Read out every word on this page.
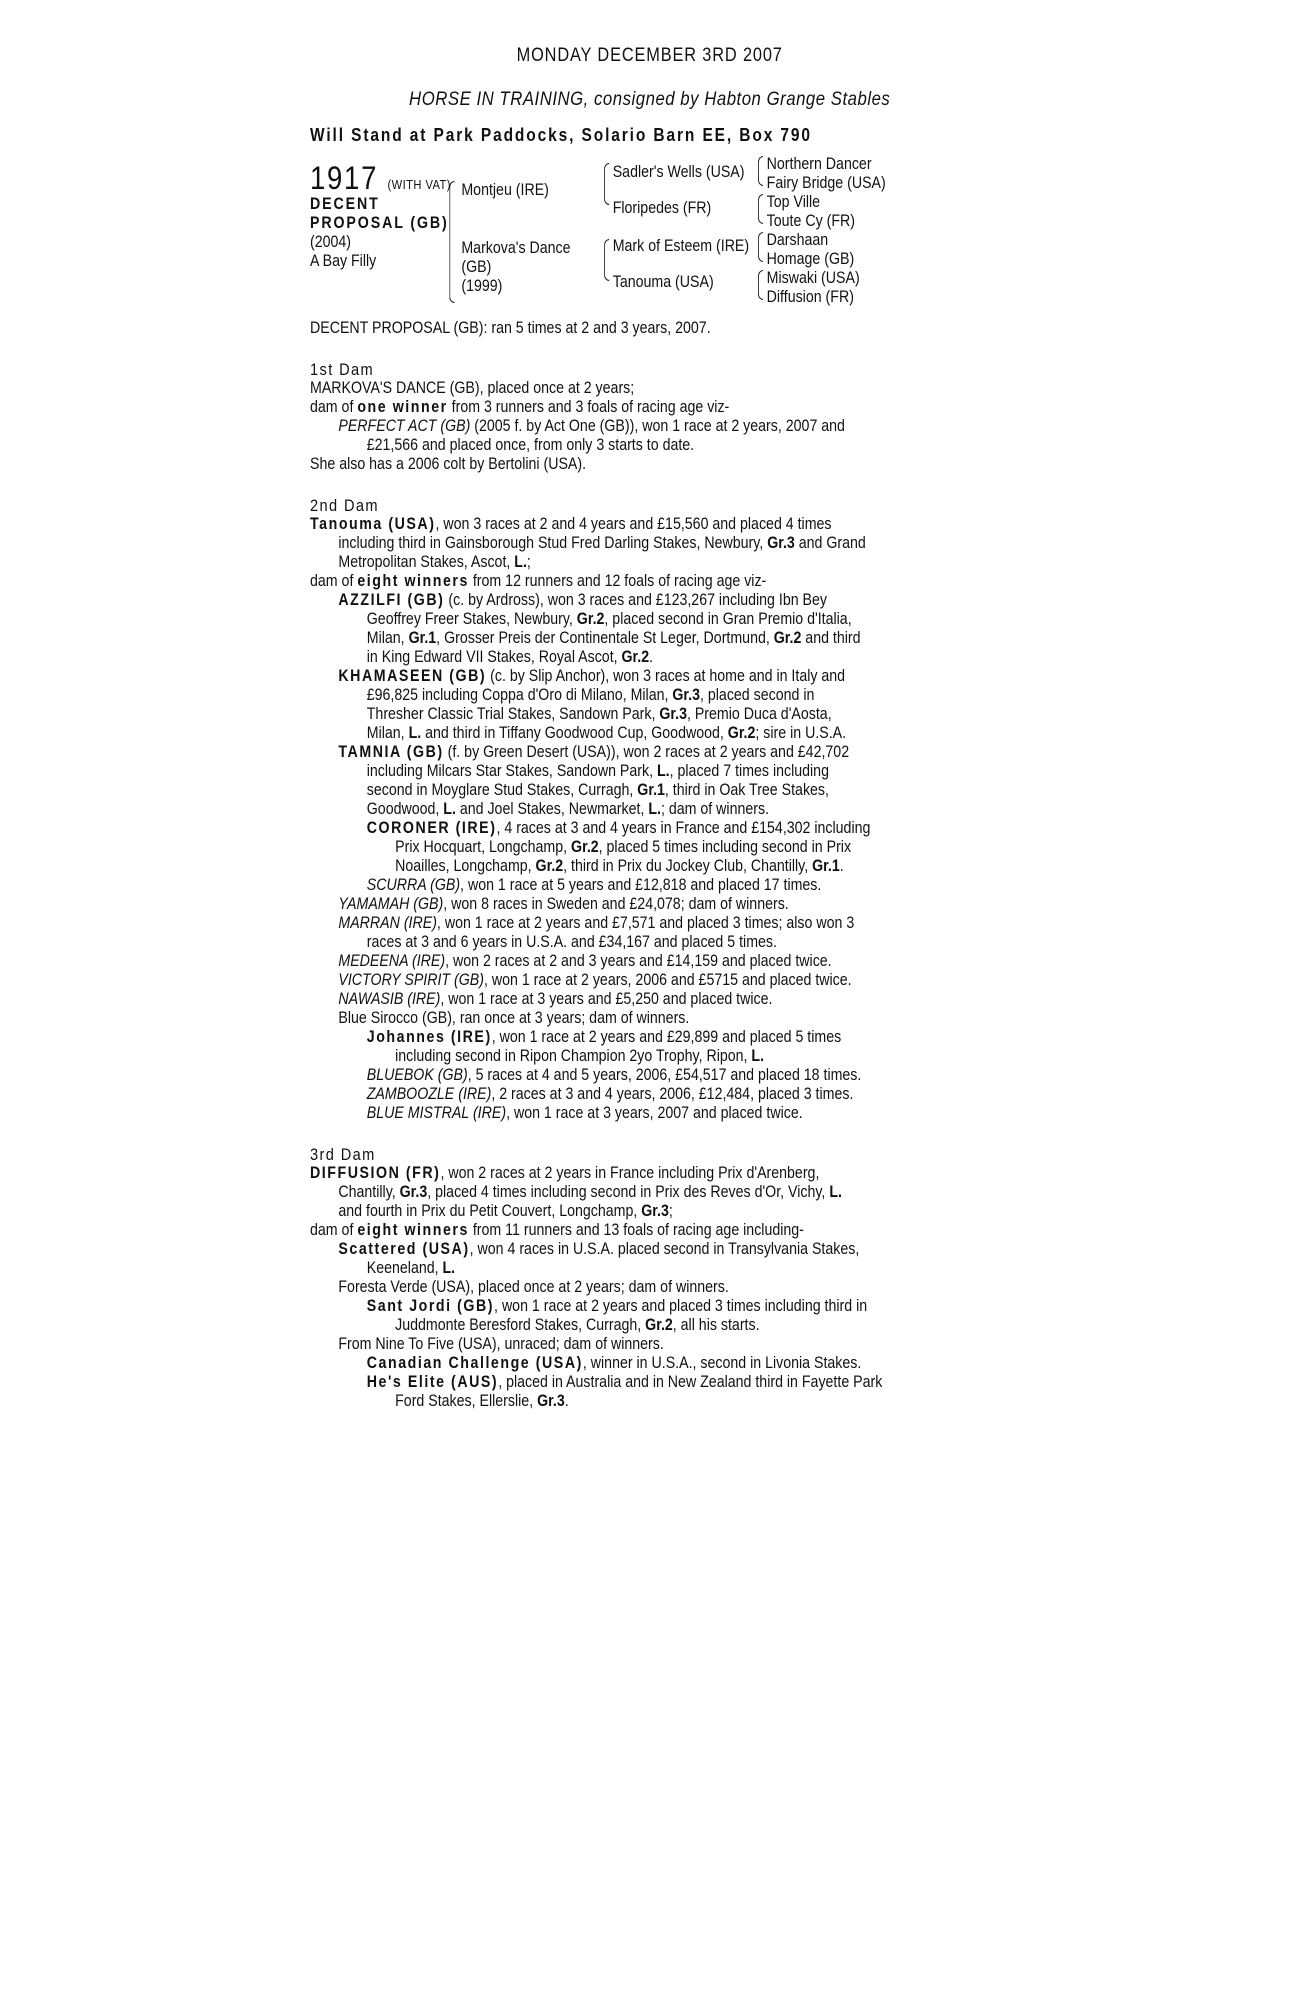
MONDAY DECEMBER 3RD 2007
HORSE IN TRAINING, consigned by Habton Grange Stables
Will Stand at Park Paddocks, Solario Barn EE, Box 790
1917 (WITH VAT)
DECENT
PROPOSAL (GB)
(2004)
A Bay Filly
Montjeu (IRE)
Markova's Dance
(GB)
(1999)
Sadler's Wells (USA)
Floripedes (FR)
Mark of Esteem (IRE)
Tanouma (USA)
Northern Dancer
Fairy Bridge (USA)
Top Ville
Toute Cy (FR)
Darshaan
Homage (GB)
Miswaki (USA)
Diffusion (FR)
DECENT PROPOSAL (GB): ran 5 times at 2 and 3 years, 2007.
1st Dam
MARKOVA'S DANCE (GB), placed once at 2 years;
dam of one winner from 3 runners and 3 foals of racing age viz-
PERFECT ACT (GB) (2005 f. by Act One (GB)), won 1 race at 2 years, 2007 and
£21,566 and placed once, from only 3 starts to date.
She also has a 2006 colt by Bertolini (USA).
2nd Dam
Tanouma (USA), won 3 races at 2 and 4 years and £15,560 and placed 4 times
including third in Gainsborough Stud Fred Darling Stakes, Newbury, Gr.3 and Grand
Metropolitan Stakes, Ascot, L.;
dam of eight winners from 12 runners and 12 foals of racing age viz-
AZZILFI (GB) (c. by Ardross), won 3 races and £123,267 including Ibn Bey
Geoffrey Freer Stakes, Newbury, Gr.2, placed second in Gran Premio d'Italia,
Milan, Gr.1, Grosser Preis der Continentale St Leger, Dortmund, Gr.2 and third
in King Edward VII Stakes, Royal Ascot, Gr.2.
KHAMASEEN (GB) (c. by Slip Anchor), won 3 races at home and in Italy and
£96,825 including Coppa d'Oro di Milano, Milan, Gr.3, placed second in
Thresher Classic Trial Stakes, Sandown Park, Gr.3, Premio Duca d'Aosta,
Milan, L. and third in Tiffany Goodwood Cup, Goodwood, Gr.2; sire in U.S.A.
TAMNIA (GB) (f. by Green Desert (USA)), won 2 races at 2 years and £42,702
including Milcars Star Stakes, Sandown Park, L., placed 7 times including
second in Moyglare Stud Stakes, Curragh, Gr.1, third in Oak Tree Stakes,
Goodwood, L. and Joel Stakes, Newmarket, L.; dam of winners.
CORONER (IRE), 4 races at 3 and 4 years in France and £154,302 including
Prix Hocquart, Longchamp, Gr.2, placed 5 times including second in Prix
Noailles, Longchamp, Gr.2, third in Prix du Jockey Club, Chantilly, Gr.1.
SCURRA (GB), won 1 race at 5 years and £12,818 and placed 17 times.
YAMAMAH (GB), won 8 races in Sweden and £24,078; dam of winners.
MARRAN (IRE), won 1 race at 2 years and £7,571 and placed 3 times; also won 3
races at 3 and 6 years in U.S.A. and £34,167 and placed 5 times.
MEDEENA (IRE), won 2 races at 2 and 3 years and £14,159 and placed twice.
VICTORY SPIRIT (GB), won 1 race at 2 years, 2006 and £5715 and placed twice.
NAWASIB (IRE), won 1 race at 3 years and £5,250 and placed twice.
Blue Sirocco (GB), ran once at 3 years; dam of winners.
Johannes (IRE), won 1 race at 2 years and £29,899 and placed 5 times
including second in Ripon Champion 2yo Trophy, Ripon, L.
BLUEBOK (GB), 5 races at 4 and 5 years, 2006, £54,517 and placed 18 times.
ZAMBOOZLE (IRE), 2 races at 3 and 4 years, 2006, £12,484, placed 3 times.
BLUE MISTRAL (IRE), won 1 race at 3 years, 2007 and placed twice.
3rd Dam
DIFFUSION (FR), won 2 races at 2 years in France including Prix d'Arenberg,
Chantilly, Gr.3, placed 4 times including second in Prix des Reves d'Or, Vichy, L.
and fourth in Prix du Petit Couvert, Longchamp, Gr.3;
dam of eight winners from 11 runners and 13 foals of racing age including-
Scattered (USA), won 4 races in U.S.A. placed second in Transylvania Stakes,
Keeneland, L.
Foresta Verde (USA), placed once at 2 years; dam of winners.
Sant Jordi (GB), won 1 race at 2 years and placed 3 times including third in
Juddmonte Beresford Stakes, Curragh, Gr.2, all his starts.
From Nine To Five (USA), unraced; dam of winners.
Canadian Challenge (USA), winner in U.S.A., second in Livonia Stakes.
He's Elite (AUS), placed in Australia and in New Zealand third in Fayette Park
Ford Stakes, Ellerslie, Gr.3.
